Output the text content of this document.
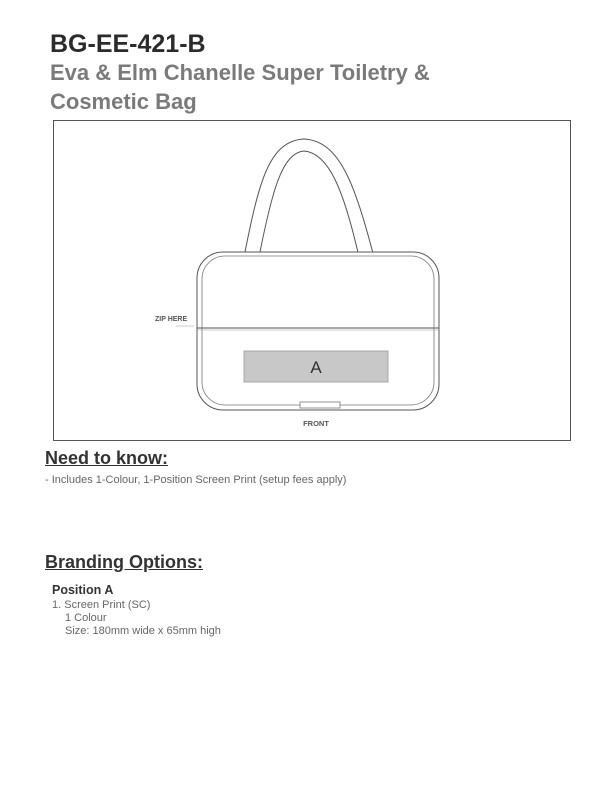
BG-EE-421-B
Eva & Elm Chanelle Super Toiletry & Cosmetic Bag
A
ZIP HERE
FRONT
Need to know:
- Includes 1-Colour, 1-Position Screen Print (setup fees apply)
Branding Options:
Position A
1. Screen Print (SC)
1 Colour
Size: 180mm wide x 65mm high
